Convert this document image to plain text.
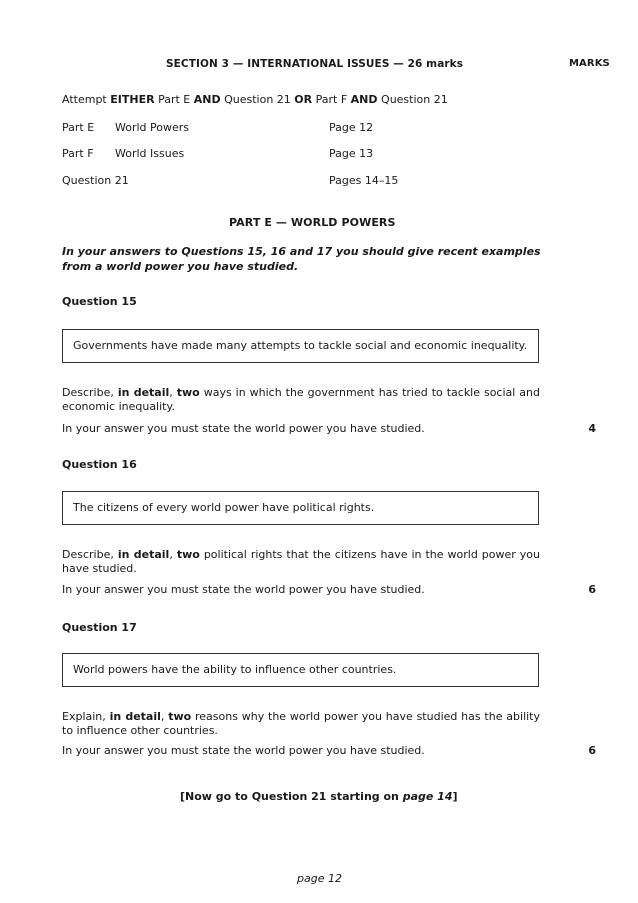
SECTION 3 — INTERNATIONAL ISSUES — 26 marks	MARKS
Attempt EITHER Part E AND Question 21 OR Part F AND Question 21
Part E World Powers	Page 12
Part F World Issues	Page 13
Question 21	Pages 14–15
PART E — WORLD POWERS
In your answers to Questions 15, 16 and 17 you should give recent examples from a world power you have studied.
Question 15
Governments have made many attempts to tackle social and economic inequality.
Describe, in detail, two ways in which the government has tried to tackle social and economic inequality.
In your answer you must state the world power you have studied.	4
Question 16
The citizens of every world power have political rights.
Describe, in detail, two political rights that the citizens have in the world power you have studied.
In your answer you must state the world power you have studied.	6
Question 17
World powers have the ability to influence other countries.
Explain, in detail, two reasons why the world power you have studied has the ability to influence other countries.
In your answer you must state the world power you have studied.	6
[Now go to Question 21 starting on page 14]
page 12
